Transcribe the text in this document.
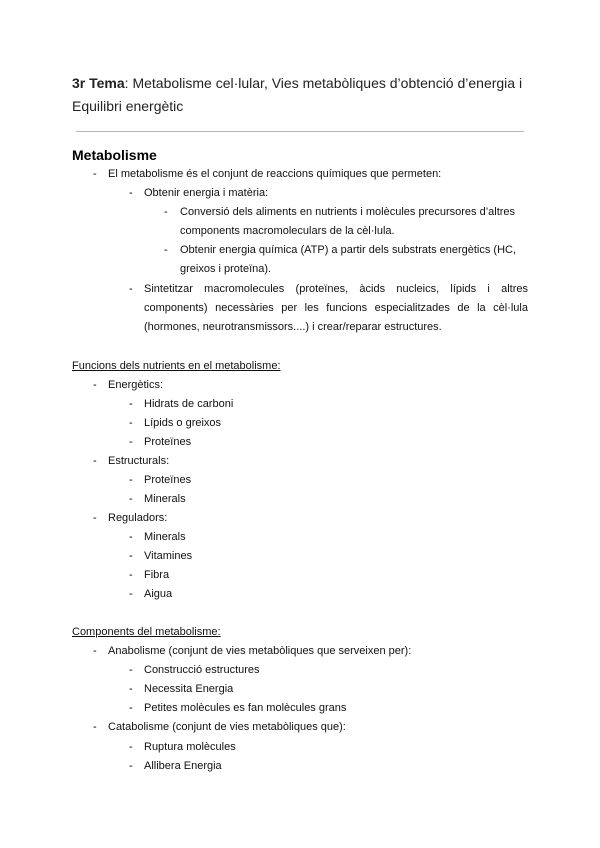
3r Tema: Metabolisme cel·lular, Vies metabòliques d’obtenció d’energia i Equilibri energètic
Metabolisme
- El metabolisme és el conjunt de reaccions químiques que permeten:
- Obtenir energia i matèria:
- Conversió dels aliments en nutrients i molècules precursores d’altres
components macromoleculars de la cèl·lula.
- Obtenir energia química (ATP) a partir dels substrats energètics (HC,
greixos i proteïna).
- Sintetitzar macromolecules (proteïnes, àcids nucleics, lípids i altres
components) necessàries per les funcions especialitzades de la cèl·lula
(hormones, neurotransmissors....) i crear/reparar estructures.
Funcions dels nutrients en el metabolisme:
- Energètics:
- Hidrats de carboni
- Lípids o greixos
- Proteïnes
- Estructurals:
- Proteïnes
- Minerals
- Reguladors:
- Minerals
- Vitamines
- Fibra
- Aigua
Components del metabolisme:
- Anabolisme (conjunt de vies metabòliques que serveixen per):
- Construcció estructures
- Necessita Energia
- Petites molècules es fan molècules grans
- Catabolisme (conjunt de vies metabòliques que):
- Ruptura molècules
- Allibera Energia
